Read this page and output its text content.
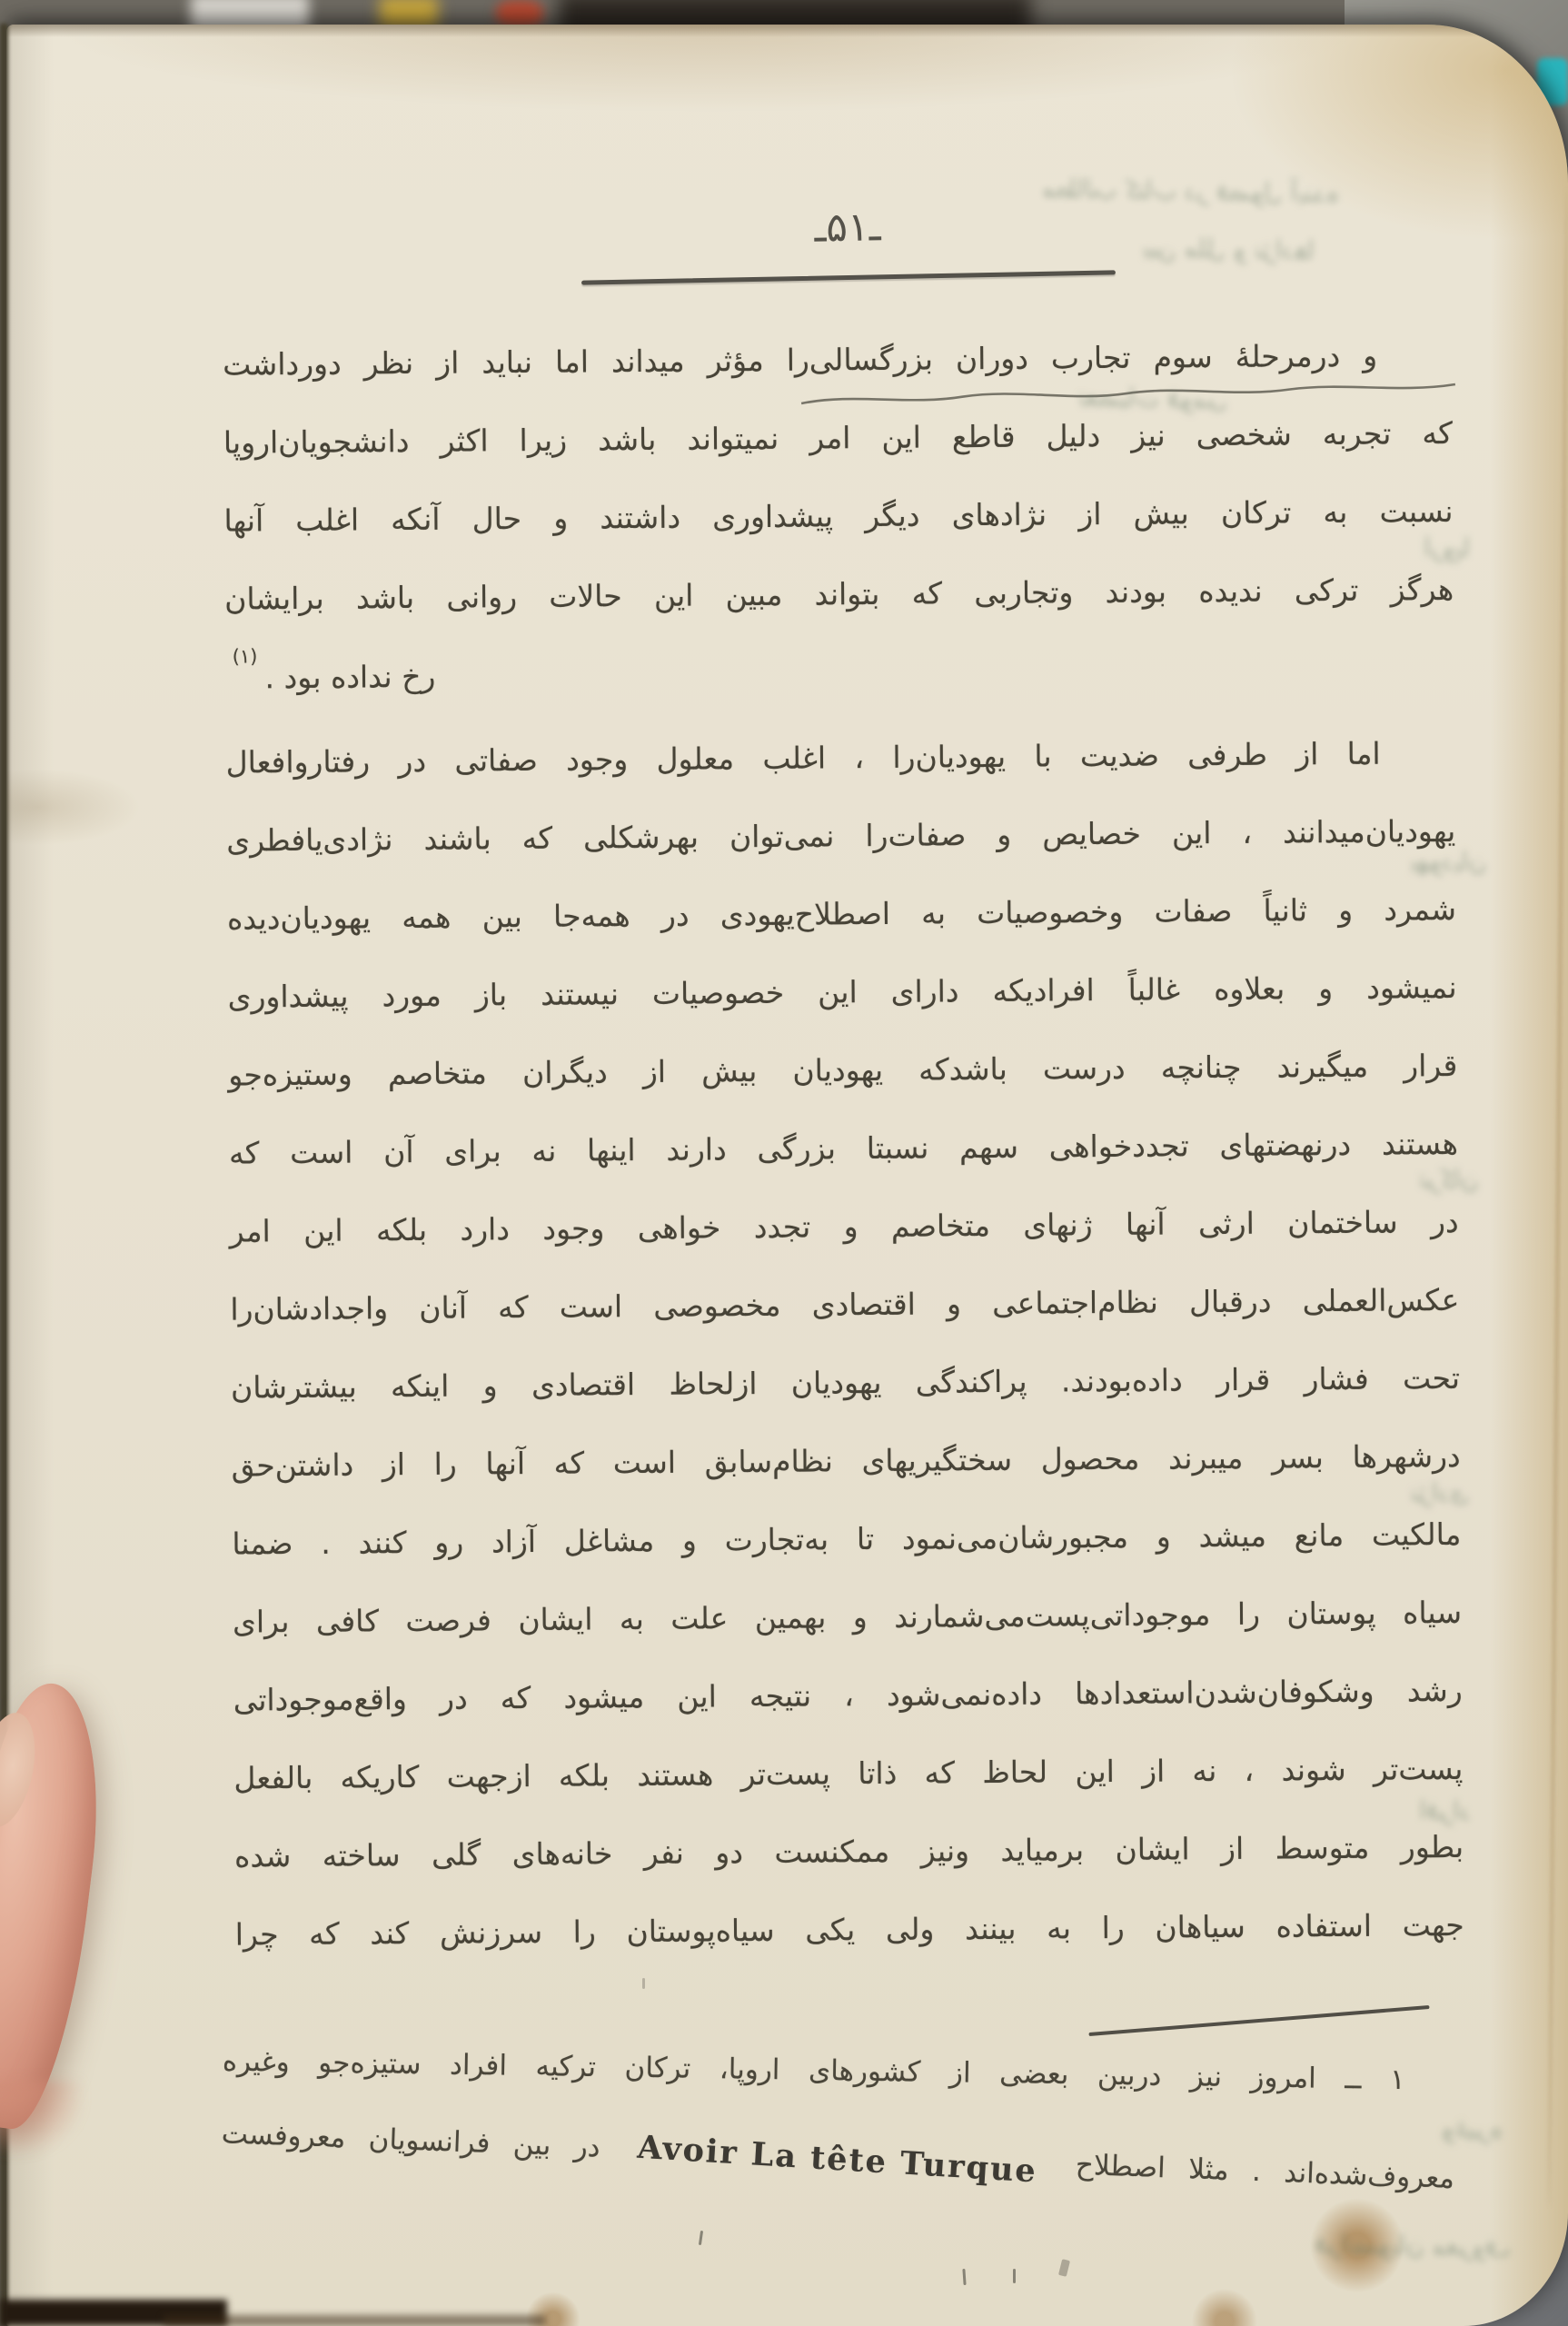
ـ۵۱ـ
و درمرحلهٔ سوم تجارب دوران بزرگسالی‌را مؤثر میداند اما نباید از نظر دورداشت
که تجربه شخصی نیز دلیل قاطع این امر نمیتواند باشد زیرا اکثر دانشجویان‌اروپا
نسبت به ترکان بیش از نژادهای دیگر پیشداوری داشتند و حال آنکه اغلب آنها
هرگز ترکی ندیده بودند وتجاربی که بتواند مبین این حالات روانی باشد برایشان
رخ نداده بود .$^{(۱)}$
اما از طرفی ضدیت با یهودیان‌را ، اغلب معلول وجود صفاتی در رفتاروافعال
یهودیان‌میدانند ، این خصایص و صفات‌را نمی‌توان بهرشکلی که باشند نژادی‌یافطری
شمرد و ثانیاً صفات وخصوصیات به اصطلاح‌یهودی در همه‌جا بین همه یهودیان‌دیده
نمیشود و بعلاوه غالباً افرادیکه دارای این خصوصیات نیستند باز مورد پیشداوری
قرار میگیرند چنانچه درست باشدکه یهودیان بیش از دیگران متخاصم وستیزه‌جو
هستند درنهضتهای تجددخواهی سهم نسبتا بزرگی دارند اینها نه برای آن است که
در ساختمان ارثی آنها ژنهای متخاصم و تجدد خواهی وجود دارد بلکه این امر
عکس‌العملی درقبال نظام‌اجتماعی و اقتصادی مخصوصی است که آنان واجدادشان‌را
تحت فشار قرار داده‌بودند. پراکندگی یهودیان ازلحاظ اقتصادی و اینکه بیشترشان
درشهرها بسر میبرند محصول سختگیریهای نظام‌سابق است که آنها را از داشتن‌حق
مالکیت مانع میشد و مجبورشان‌می‌نمود تا به‌تجارت و مشاغل آزاد رو کنند . ضمنا
سیاه پوستان را موجوداتی‌پست‌می‌شمارند و بهمین علت به ایشان فرصت کافی برای
رشد وشکوفان‌شدن‌استعدادها داده‌نمی‌شود ، نتیجه این میشود که در واقع‌موجوداتی
پست‌تر شوند ، نه از این لحاظ که ذاتا پست‌تر هستند بلکه ازجهت کاریکه بالفعل
بطور متوسط از ایشان برمیاید ونیز ممکنست دو نفر خانه‌های گلی ساخته شده
جهت استفاده سیاهان را به بینند ولی یکی سیاه‌پوستان را سرزنش کند که چرا
۱ ــ امروز نیز دربین بعضی از کشورهای اروپا، ترکان ترکیه افراد ستیزه‌جو وغیره
معروف‌شده‌اند . مثلا اصطلاح Avoir La tête Turque در بین فرانسویان معروفست
مطالب کتاب در فصول آینده
بین ملل و نژادها
تعصبات قومی
اروپا
یهودیان
ترکان
نژادی
افراد
وغیره
فرانسویان معروف
